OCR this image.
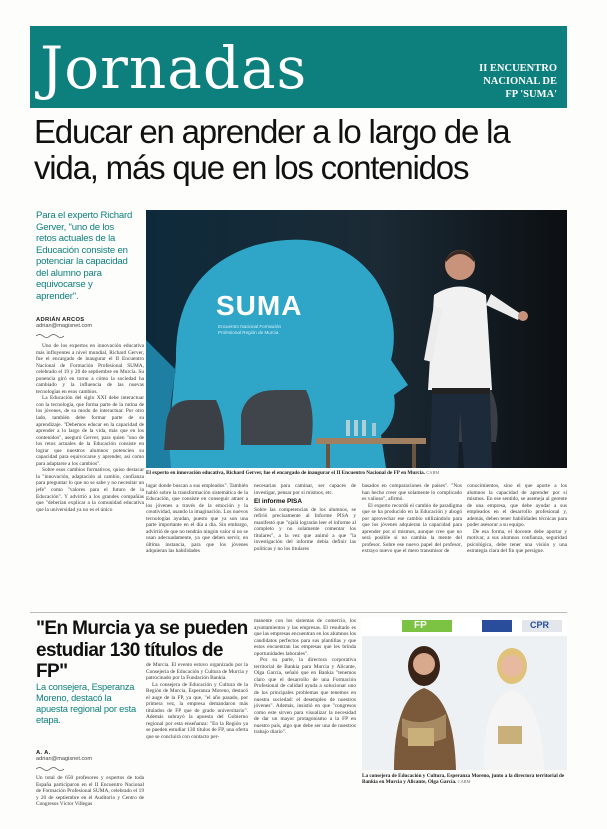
Jornadas	II ENCUENTRO
NACIONAL DE
FP 'SUMA'
Educar en aprender a lo largo de la vida, más que en los contenidos
Para el experto Richard Gerver, "uno de los retos actuales de la Educación consiste en potenciar la capacidad del alumno para equivocarse y aprender".
ADRIÁN ARCOS
adrian@magisnet.com

Uno de los expertos en innovación educativa más influyentes a nivel mundial, Richard Gerver, fue el encargado de inaugurar el II Encuentro Nacional de Formación Profesional SUMA, celebrado el 19 y 20 de septiembre en Murcia. Su ponencia giró en torno a cómo la sociedad ha cambiado y la influencia de las nuevas tecnologías en esos cambios.

La Educación del siglo XXI debe interactuar con la tecnología, que forma parte de la rutina de los jóvenes, de su modo de interactuar. Por otro lado, también debe formar parte de su aprendizaje. "Debemos educar en la capacidad de aprender a lo largo de la vida, más que en los contenidos", aseguró Gerver, para quien "uno de los retos actuales de la Educación consiste en lograr que nuestros alumnos potencien su capacidad para equivocarse y aprender, así como para adaptarse a los cambios".

Sobre esos cambios formativos, quiso destacar la "innovación, adaptación al cambio, confianza para preguntar lo que no se sabe y no necesitar un jefe" como "valores para el futuro de la Educación". Y advirtió a los grandes compañías que "deberían explicar a la comunidad educativa que la universidad ya no es el único

SUMA
Encuentro Nacional Formación Profesional Región de Murcia
El experto en innovación educativa, Richard Gerver, fue el encargado de inaugurar el II Encuentro Nacional de FP en Murcia. CARM

lugar donde buscan a sus empleados". También habló sobre la transformación sistemática de la Educación, que consiste en conseguir atraer a los jóvenes a través de la emoción y la creatividad, usando la imaginación. Los nuevos tecnologías ayudan, puesto que ya son una parte importante en el día a día. Sin embargo, advirtió de que no tendrán ningún valor si no se usan adecuadamente, ya que deben servir, en última instancia, para que los jóvenes adquieran las habilidades

necesarias para caminar, ser capaces de investigar, pensar por sí mismos, etc.

El informe PISA

Sobre las competencias de los alumnos, se refirió precisamente al Informe PISA y manifestó que "ojalá lograrán leer el informe al completo y no solamente comentar los titulares", a la vez que animó a que "la investigación del informe debía definir las políticas y no los titulares

basados en comparaciones de países". "Nos han hecho creer que solamente lo complicado es valioso", afirmó.

El experto recordó el cambio de paradigma que se ha producido en la Educación y abogó por aprovechar ese cambio utilizándolo para que los jóvenes adquieran la capacidad para aprender por sí mismos, aunque cree que no será posible si no cambia la mente del profesor. Sobre ese nuevo papel del profesor, extrayo nuevo que el mero transmisor de

conocimientos, sino el que aporte a los alumnos la capacidad de aprender por sí mismos. En ese sentido, se asemeja al gerente de una empresa, que debe ayudar a sus empleados en el desarrollo profesional y, además, deben tener habilidades técnicas para poder asesorar a su equipo.

De esa forma, el docente debe aportar y motivar, a sus alumnos confianza, seguridad psicológica, debe tener una visión y una estrategia clara del fin que persigue.

"En Murcia ya se pueden estudiar 130 títulos de FP"
La consejera, Esperanza Moreno, destacó la apuesta regional por esta etapa.
A. A.
adrian@magisnet.com

Un total de 650 profesores y expertos de toda España participaron en el II Encuentro Nacional de Formación Profesional SUMA, celebrado el 19 y 20 de septiembre en el Auditorio y Centro de Congresos Víctor Villegas

de Murcia. El evento estuvo organizado por la Consejería de Educación y Cultura de Murcia y patrocinado por la Fundación Bankia.

La consejera de Educación y Cultura de la Región de Murcia, Esperanza Moreno, destacó el auge de la FP, ya que, "el año pasado, por primera vez, la empresa demandaron más titulados de FP que de grado universitario". Además subrayó la apuesta del Gobierno regional por esta enseñanza: "En la Región ya se pueden estudiar 130 títulos de FP, una oferta que se concluirá con contacto per-

manente con los sistemas de comercio, los ayuntamientos y las empresas. El resultado es que las empresas encuentran en los alumnos los candidatos perfectos para sus plantillas y que estos encuentran las empresas que les brinda oportunidades laborales".

Por su parte, la directora corporativa territorial de Bankia para Murcia y Alicante, Olga García, señaló que en Bankia "tenemos claro que el desarrollo de una Formación Profesional de calidad ayuda a solucionar uno de los principales problemas que tenemos en nuestra sociedad: el desempleo de nuestros jóvenes". Además, insistió en que "congresos como este sirven para visualizar la necesidad de dar un mayor protagonismo a la FP en nuestro país, algo que debe ser una de nuestros trabajo diario".

FP	CPR
La consejera de Educación y Cultura, Esperanza Moreno, junto a la directora territorial de Bankia en Murcia y Alicante, Olga García. CARM
